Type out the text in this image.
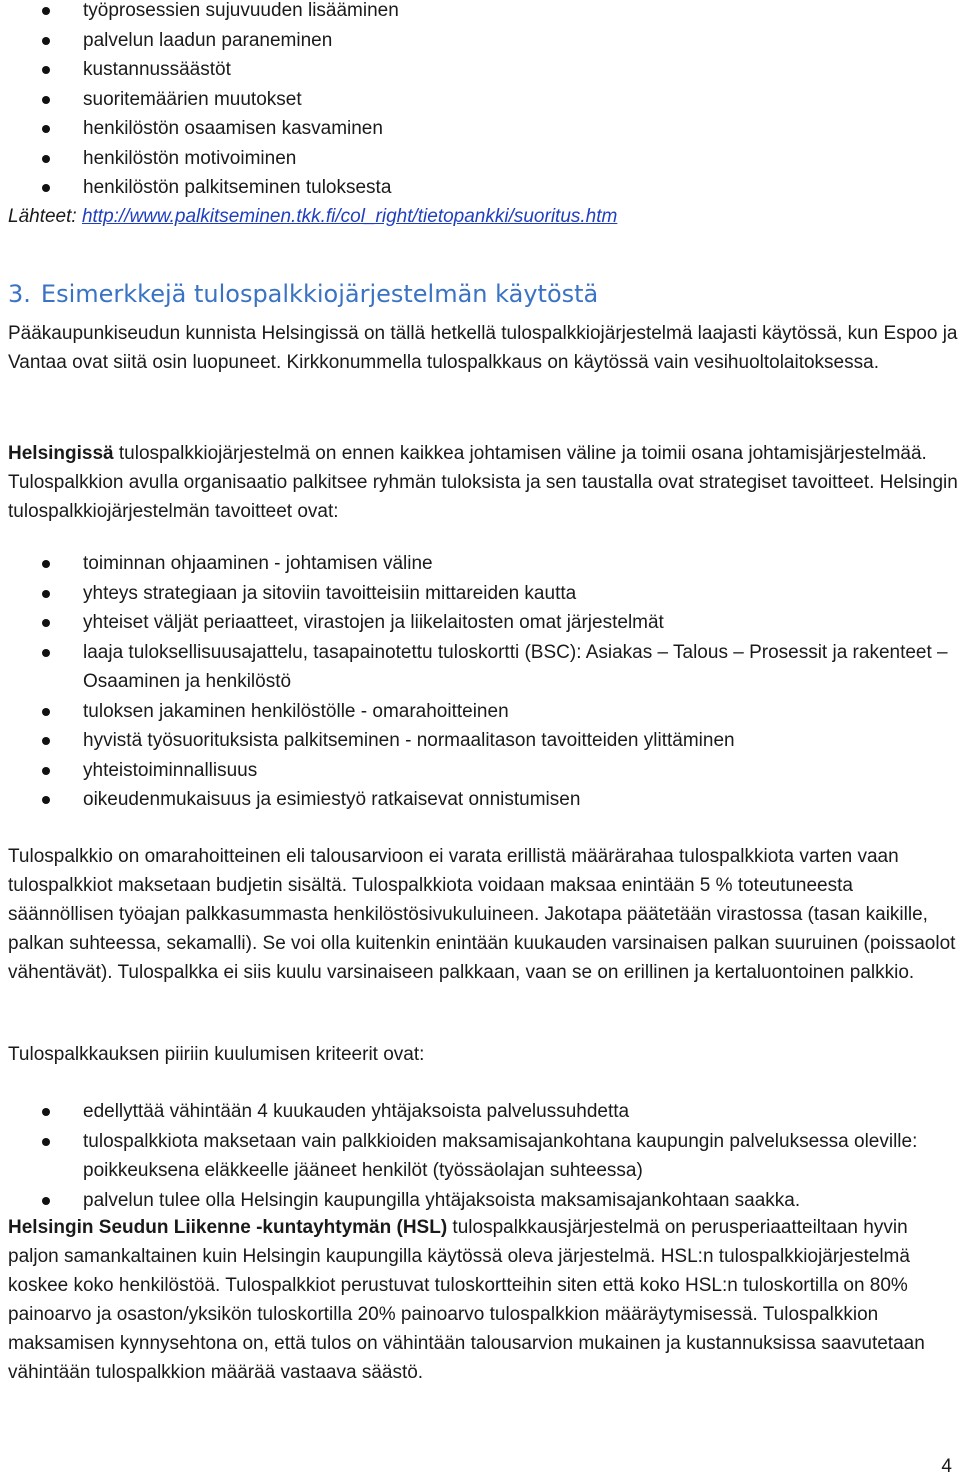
työprosessien sujuvuuden lisääminen
palvelun laadun paraneminen
kustannussäästöt
suoritemäärien muutokset
henkilöstön osaamisen kasvaminen
henkilöstön motivoiminen
henkilöstön palkitseminen tuloksesta

Lähteet: http://www.palkitseminen.tkk.fi/col_right/tietopankki/suoritus.htm

3. Esimerkkejä tulospalkkiojärjestelmän käytöstä

Pääkaupunkiseudun kunnista Helsingissä on tällä hetkellä tulospalkkiojärjestelmä laajasti käytössä, kun Espoo ja Vantaa ovat siitä osin luopuneet. Kirkkonummella tulospalkkaus on käytössä vain vesihuoltolaitoksessa.

Helsingissä tulospalkkiojärjestelmä on ennen kaikkea johtamisen väline ja toimii osana johtamisjärjestelmää. Tulospalkkion avulla organisaatio palkitsee ryhmän tuloksista ja sen taustalla ovat strategiset tavoitteet. Helsingin tulospalkkiojärjestelmän tavoitteet ovat:

toiminnan ohjaaminen - johtamisen väline
yhteys strategiaan ja sitoviin tavoitteisiin mittareiden kautta
yhteiset väljät periaatteet, virastojen ja liikelaitosten omat järjestelmät
laaja tuloksellisuusajattelu, tasapainotettu tuloskortti (BSC): Asiakas – Talous – Prosessit ja rakenteet – Osaaminen ja henkilöstö
tuloksen jakaminen henkilöstölle - omarahoitteinen
hyvistä työsuorituksista palkitseminen - normaalitason tavoitteiden ylittäminen
yhteistoiminnallisuus
oikeudenmukaisuus ja esimiestyö ratkaisevat onnistumisen

Tulospalkkio on omarahoitteinen eli talousarvioon ei varata erillistä määrärahaa tulospalkkiota varten vaan tulospalkkiot maksetaan budjetin sisältä. Tulospalkkiota voidaan maksaa enintään 5 % toteutuneesta säännöllisen työajan palkkasummasta henkilöstösivukuluineen. Jakotapa päätetään virastossa (tasan kaikille, palkan suhteessa, sekamalli). Se voi olla kuitenkin enintään kuukauden varsinaisen palkan suuruinen (poissaolot vähentävät). Tulospalkka ei siis kuulu varsinaiseen palkkaan, vaan se on erillinen ja kertaluontoinen palkkio.

Tulospalkkauksen piiriin kuulumisen kriteerit ovat:

edellyttää vähintään 4 kuukauden yhtäjaksoista palvelussuhdetta
tulospalkkiota maksetaan vain palkkioiden maksamisajankohtana kaupungin palveluksessa oleville: poikkeuksena eläkkeelle jääneet henkilöt (työssäolajan suhteessa)
palvelun tulee olla Helsingin kaupungilla yhtäjaksoista maksamisajankohtaan saakka.

Helsingin Seudun Liikenne -kuntayhtymän (HSL) tulospalkkausjärjestelmä on perusperiaatteiltaan hyvin paljon samankaltainen kuin Helsingin kaupungilla käytössä oleva järjestelmä. HSL:n tulospalkkiojärjestelmä koskee koko henkilöstöä. Tulospalkkiot perustuvat tuloskortteihin siten että koko HSL:n tuloskortilla on 80% painoarvo ja osaston/yksikön tuloskortilla 20% painoarvo tulospalkkion määräytymisessä. Tulospalkkion maksamisen kynnysehtona on, että tulos on vähintään talousarvion mukainen ja kustannuksissa saavutetaan vähintään tulospalkkion määrää vastaava säästö.

4
